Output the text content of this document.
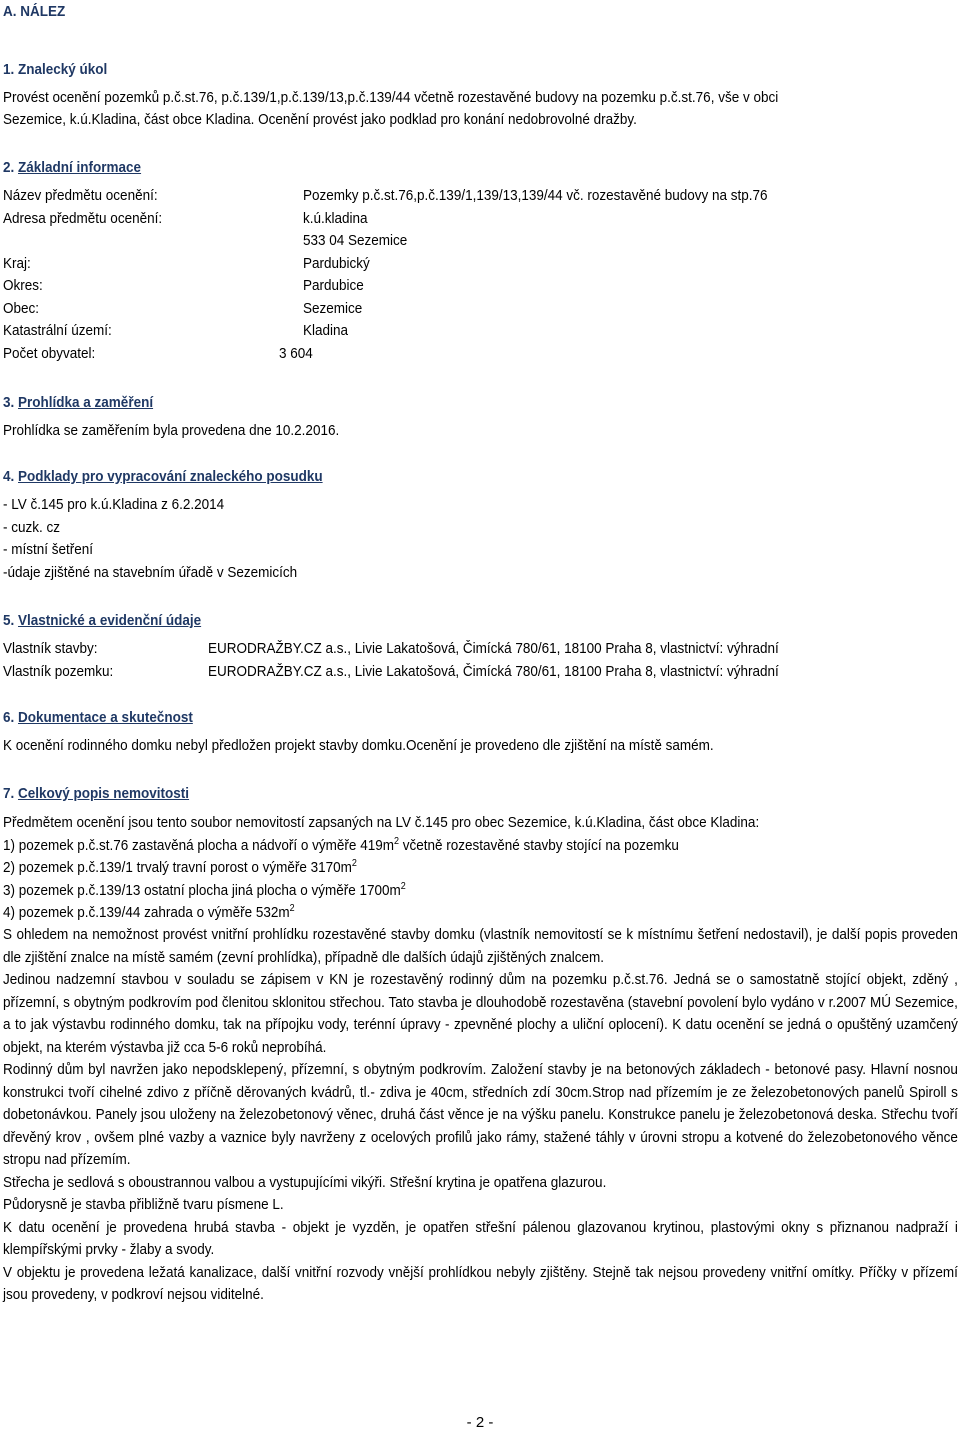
A. NÁLEZ
1. Znalecký úkol
Provést ocenění pozemků p.č.st.76, p.č.139/1,p.č.139/13,p.č.139/44 včetně rozestavěné budovy na pozemku p.č.st.76, vše v obci
Sezemice, k.ú.Kladina, část obce Kladina. Ocenění provést jako podklad pro konání nedobrovolné dražby.
2. Základní informace
Název předmětu ocenění:	Pozemky p.č.st.76,p.č.139/1,139/13,139/44 vč. rozestavěné budovy na stp.76
Adresa předmětu ocenění:	k.ú.kladina
533 04 Sezemice
Kraj:	Pardubický
Okres:	Pardubice
Obec:	Sezemice
Katastrální území:	Kladina
Počet obyvatel:	3 604
3. Prohlídka a zaměření
Prohlídka se zaměřením byla provedena dne 10.2.2016.
4. Podklady pro vypracování znaleckého posudku
- LV č.145 pro k.ú.Kladina z 6.2.2014
- cuzk. cz
- místní šetření
-údaje zjištěné na stavebním úřadě v Sezemicích
5. Vlastnické a evidenční údaje
Vlastník stavby:	EURODRAŽBY.CZ a.s., Livie Lakatošová, Čimícká 780/61, 18100 Praha 8, vlastnictví: výhradní
Vlastník pozemku:	EURODRAŽBY.CZ a.s., Livie Lakatošová, Čimícká 780/61, 18100 Praha 8, vlastnictví: výhradní
6. Dokumentace a skutečnost
K ocenění rodinného domku nebyl předložen projekt stavby domku.Ocenění je provedeno dle zjištění na místě samém.
7. Celkový popis nemovitosti
Předmětem ocenění jsou tento soubor nemovitostí zapsaných na LV č.145 pro obec Sezemice, k.ú.Kladina, část obce Kladina:
1) pozemek p.č.st.76 zastavěná plocha a nádvoří o výměře $419m^2$ včetně rozestavěné stavby stojící na pozemku
2) pozemek p.č.139/1 trvalý travní porost o výměře $3170m^2$
3) pozemek p.č.139/13 ostatní plocha jiná plocha o výměře $1700m^2$
4) pozemek p.č.139/44 zahrada o výměře $532m^2$
S ohledem na nemožnost provést vnitřní prohlídku rozestavěné stavby domku (vlastník nemovitostí se k místnímu šetření nedostavil), je další popis proveden dle zjištění znalce na místě samém (zevní prohlídka), případně dle dalších údajů zjištěných znalcem.
Jedinou nadzemní stavbou v souladu se zápisem v KN je rozestavěný rodinný dům na pozemku p.č.st.76. Jedná se o samostatně stojící objekt, zděný , přízemní, s obytným podkrovím pod členitou sklonitou střechou. Tato stavba je dlouhodobě rozestavěna (stavební povolení bylo vydáno v r.2007 MÚ Sezemice, a to jak výstavbu rodinného domku, tak na přípojku vody, terénní úpravy - zpevněné plochy a uliční oplocení). K datu ocenění se jedná o opuštěný uzamčený objekt, na kterém výstavba již cca 5-6 roků neprobíhá.
Rodinný dům byl navržen jako nepodsklepený, přízemní, s obytným podkrovím. Založení stavby je na betonových základech - betonové pasy. Hlavní nosnou konstrukci tvoří cihelné zdivo z příčně děrovaných kvádrů, tl.- zdiva je 40cm, středních zdí 30cm.Strop nad přízemím je ze železobetonových panelů Spiroll s dobetonávkou. Panely jsou uloženy na železobetonový věnec, druhá část věnce je na výšku panelu. Konstrukce panelu je železobetonová deska. Střechu tvoří dřevěný krov , ovšem plné vazby a vaznice byly navrženy z ocelových profilů jako rámy, stažené táhly v úrovni stropu a kotvené do železobetonového věnce stropu nad přízemím.
Střecha je sedlová s oboustrannou valbou a vystupujícími vikýři. Střešní krytina je opatřena glazurou.
Půdorysně je stavba přibližně tvaru písmene L.
K datu ocenění je provedena hrubá stavba - objekt je vyzděn, je opatřen střešní pálenou glazovanou krytinou, plastovými okny s přiznanou nadpraží i klempířskými prvky - žlaby a svody.
V objektu je provedena ležatá kanalizace, další vnitřní rozvody vnější prohlídkou nebyly zjištěny. Stejně tak nejsou provedeny vnitřní omítky. Příčky v přízemí jsou provedeny, v podkroví nejsou viditelné.
- 2 -
